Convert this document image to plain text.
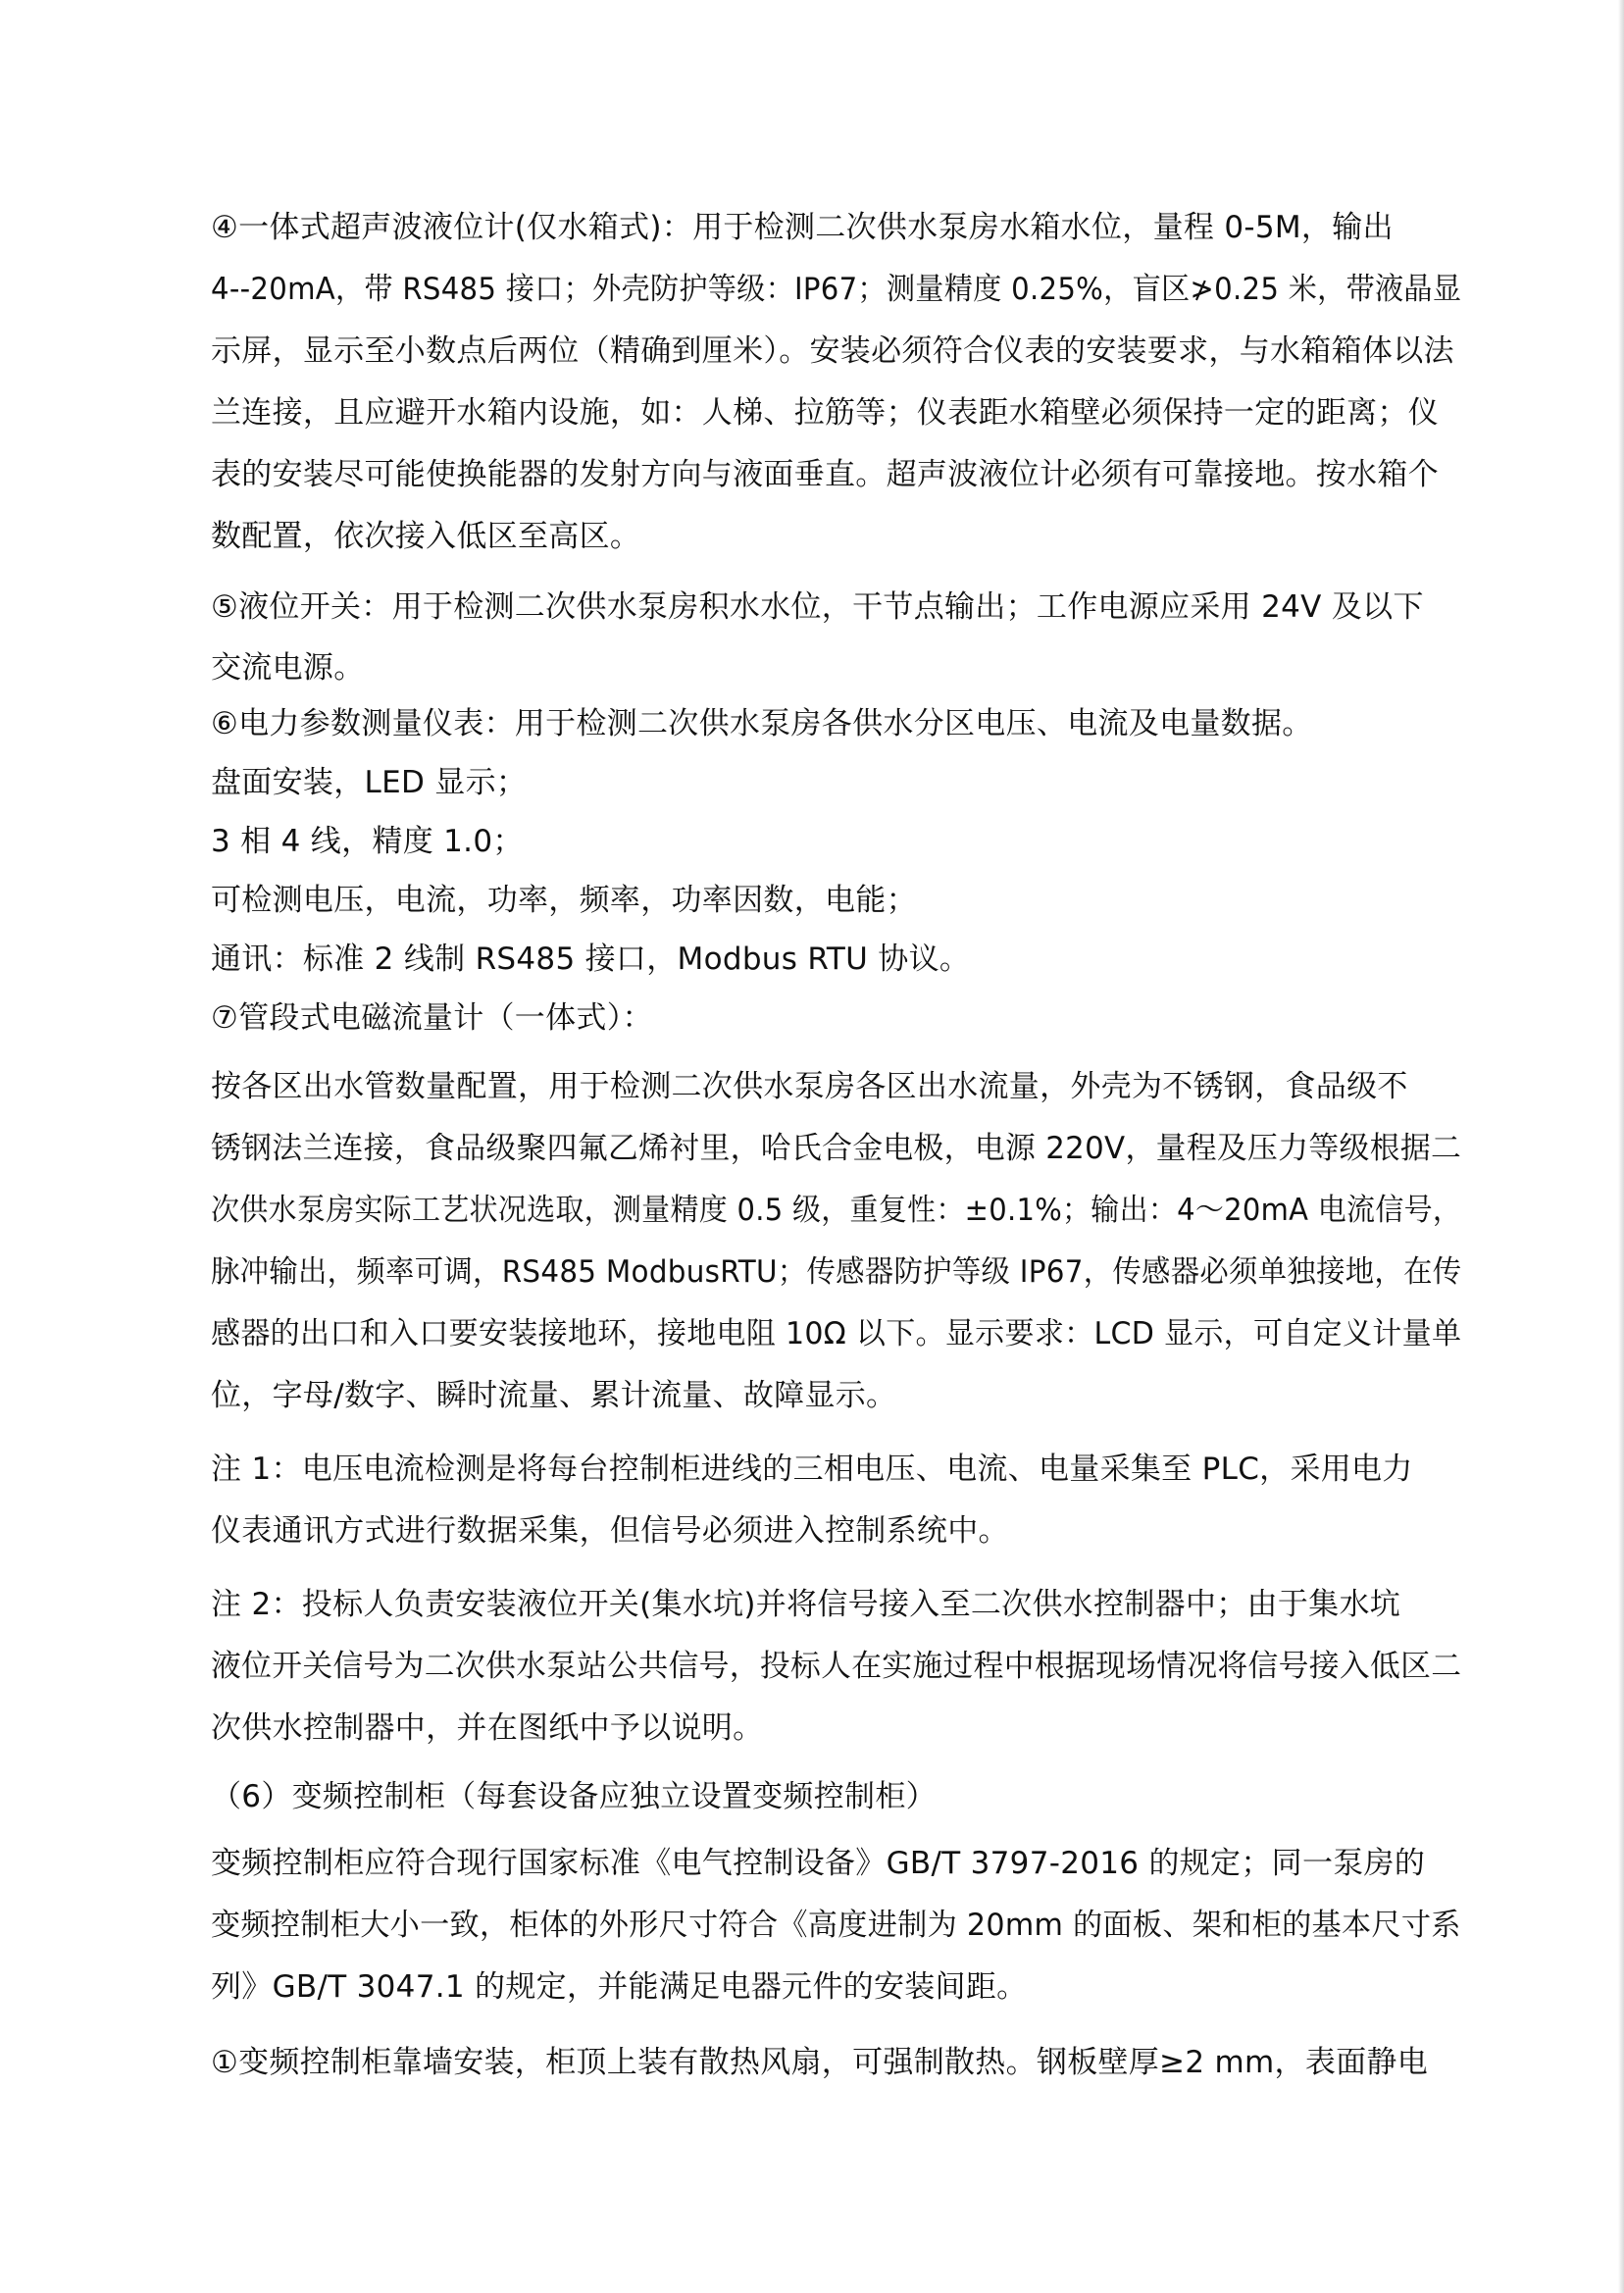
④一体式超声波液位计(仅水箱式)：用于检测二次供水泵房水箱水位，量程 0-5M，输出
4--20mA，带 RS485 接口；外壳防护等级：IP67；测量精度 0.25%，盲区≯0.25 米，带液晶显
示屏，显示至小数点后两位（精确到厘米）。安装必须符合仪表的安装要求，与水箱箱体以法
兰连接，且应避开水箱内设施，如：人梯、拉筋等；仪表距水箱壁必须保持一定的距离；仪
表的安装尽可能使换能器的发射方向与液面垂直。超声波液位计必须有可靠接地。按水箱个
数配置，依次接入低区至高区。
⑤液位开关：用于检测二次供水泵房积水水位，干节点输出；工作电源应采用 24V 及以下
交流电源。
⑥电力参数测量仪表：用于检测二次供水泵房各供水分区电压、电流及电量数据。
盘面安装，LED 显示；
3 相 4 线，精度 1.0；
可检测电压，电流，功率，频率，功率因数，电能；
通讯：标准 2 线制 RS485 接口，Modbus RTU 协议。
⑦管段式电磁流量计（一体式）：
按各区出水管数量配置，用于检测二次供水泵房各区出水流量，外壳为不锈钢，食品级不
锈钢法兰连接，食品级聚四氟乙烯衬里，哈氏合金电极，电源 220V，量程及压力等级根据二
次供水泵房实际工艺状况选取，测量精度 0.5 级，重复性：±0.1%；输出：4～20mA 电流信号，
脉冲输出，频率可调，RS485 ModbusRTU；传感器防护等级 IP67，传感器必须单独接地，在传
感器的出口和入口要安装接地环，接地电阻 10Ω 以下。显示要求：LCD 显示，可自定义计量单
位，字母/数字、瞬时流量、累计流量、故障显示。
注 1：电压电流检测是将每台控制柜进线的三相电压、电流、电量采集至 PLC，采用电力
仪表通讯方式进行数据采集，但信号必须进入控制系统中。
注 2：投标人负责安装液位开关(集水坑)并将信号接入至二次供水控制器中；由于集水坑
液位开关信号为二次供水泵站公共信号，投标人在实施过程中根据现场情况将信号接入低区二
次供水控制器中，并在图纸中予以说明。
（6）变频控制柜（每套设备应独立设置变频控制柜）
变频控制柜应符合现行国家标准《电气控制设备》GB/T 3797-2016 的规定；同一泵房的
变频控制柜大小一致，柜体的外形尺寸符合《高度进制为 20mm 的面板、架和柜的基本尺寸系
列》GB/T 3047.1 的规定，并能满足电器元件的安装间距。
①变频控制柜靠墙安装，柜顶上装有散热风扇，可强制散热。钢板壁厚≥2 mm，表面静电
